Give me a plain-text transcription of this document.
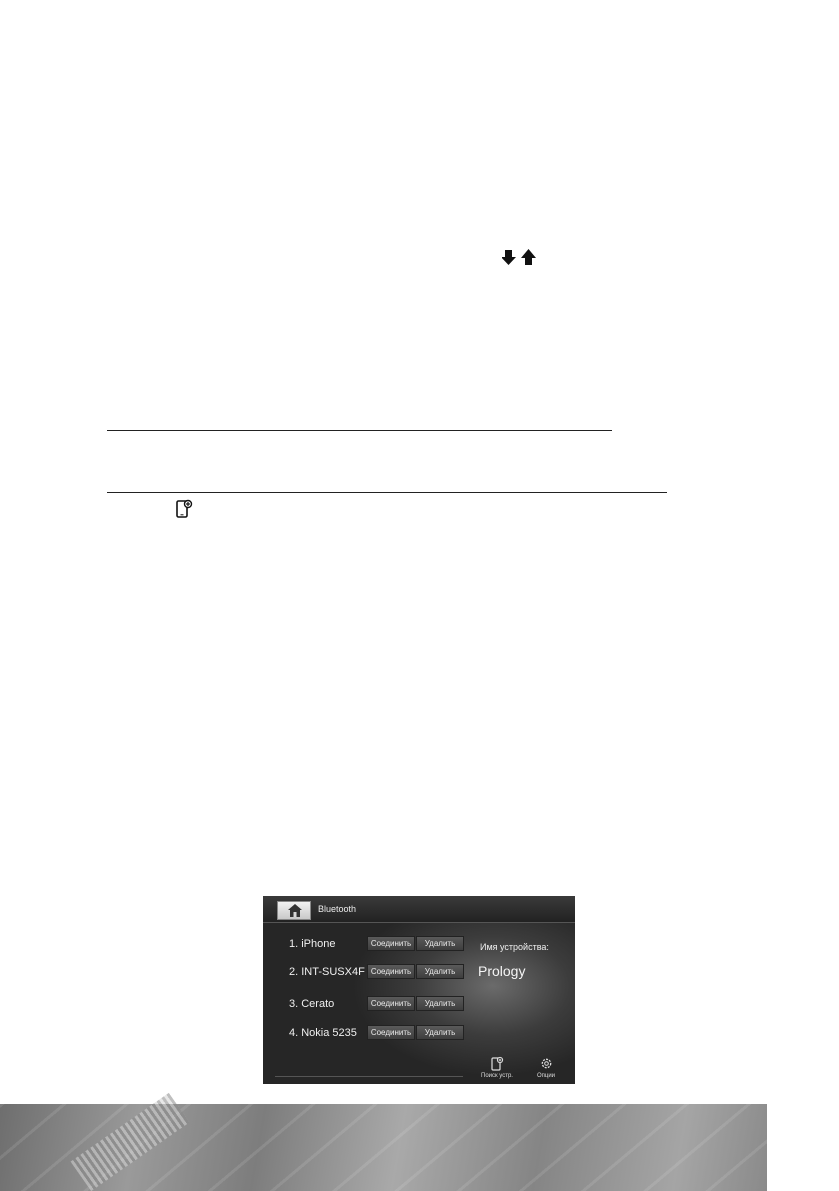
Bluetooth
1. iPhone	Соединить	Удалить
2. INT-SUSX4F Соединить	Удалить
3. Cerato	Соединить	Удалить
4. Nokia 5235	Соединить	Удалить
Имя устройства:
Prology
Поиск устр.	Опции
